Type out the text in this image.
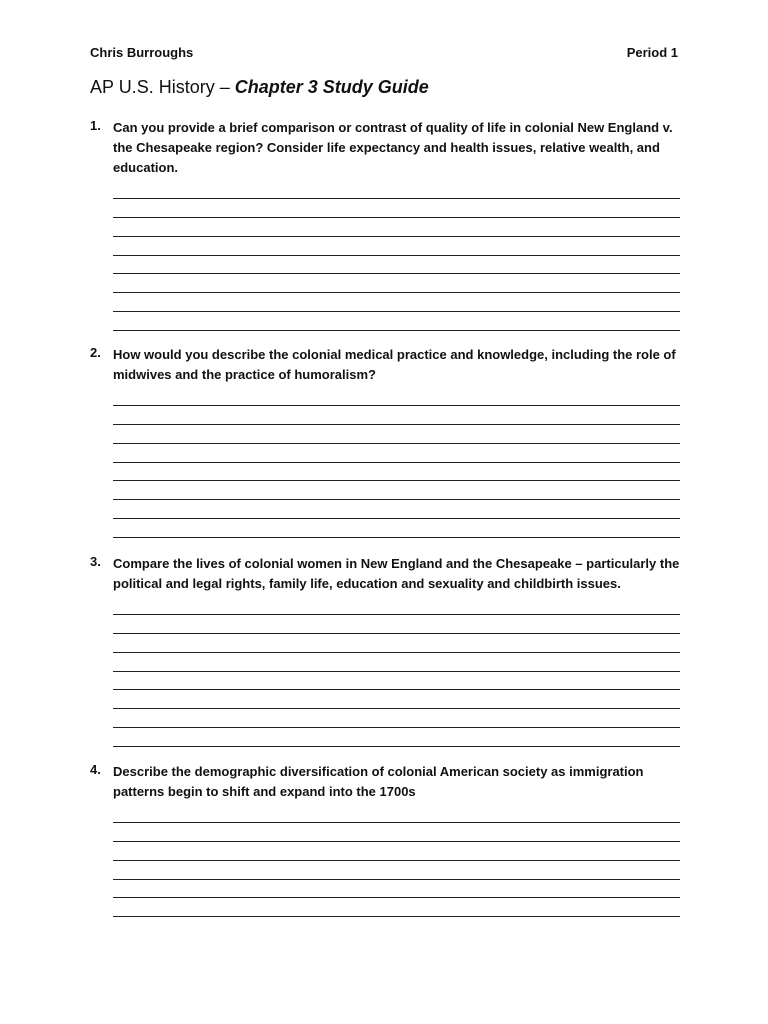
Chris Burroughs	Period 1
AP U.S. History – Chapter 3 Study Guide
1. Can you provide a brief comparison or contrast of quality of life in colonial New England v. the Chesapeake region? Consider life expectancy and health issues, relative wealth, and education.
2. How would you describe the colonial medical practice and knowledge, including the role of midwives and the practice of humoralism?
3. Compare the lives of colonial women in New England and the Chesapeake – particularly the political and legal rights, family life, education and sexuality and childbirth issues.
4. Describe the demographic diversification of colonial American society as immigration patterns begin to shift and expand into the 1700s
